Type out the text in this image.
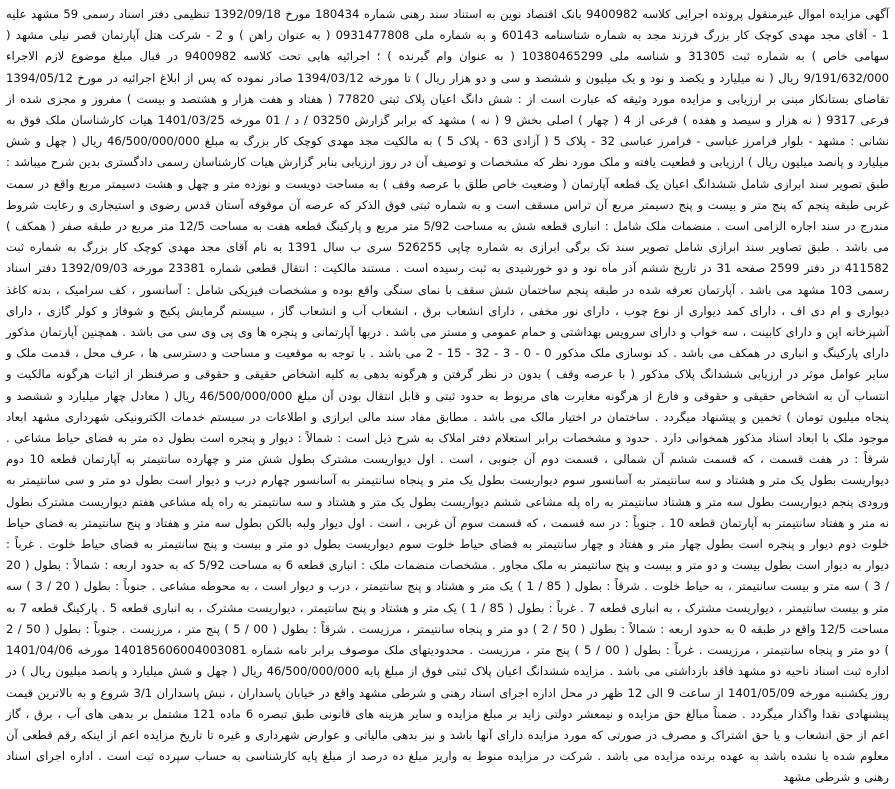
آگهی مزایده اموال غیرمنقول پرونده اجرایی کلاسه 9400982 بانک اقتصاد نوین به استناد سند رهنی شماره 180434 مورخ 1392/09/18 تنظیمی دفتر اسناد رسمی 59 مشهد علیه 1 - آقای مجد مهدی کوچک کار بزرگ فرزند مجد به شماره شناسنامه 60143 و به شماره ملی 0931477808 ( به عنوان راهن ) و 2 - شرکت هتل آپارتمان قصر نیلی مشهد ( سهامی خاص ) به شماره ثبت 31305 و شناسه ملی 10380465299 ( به عنوان وام گیرنده ) ؛ اجرائیه هایی تحت کلاسه 9400982 در قبال مبلغ موضوع لازم الاجراء 9/191/632/000 ریال ( نه میلیارد و یکصد و نود و یک میلیون و ششصد و سی و دو هزار ریال ) تا مورخه 1394/03/12 صادر نموده که پس از ابلاغ اجرائیه در مورخ 1394/05/12 تقاضای بستانکار مبنی بر ارزیابی و مزایده مورد وثیقه که عبارت است از : شش دانگ اعیان پلاک ثبتی 77820 ( هفتاد و هفت هزار و هشتصد و بیست ) مفروز و مجزی شده از فرعی 9317 ( نه هزار و سیصد و هفده ) فرعی از 4 ( چهار ) اصلی بخش 9 ( نه ) مشهد که برابر گزارش 03250 / د / 01 مورخه 1401/03/25 هیات کارشناسان ملک فوق به نشانی : مشهد - بلوار فرامرز عباسی - فرامرز عباسی 32 - پلاک 5 ( آزادی 63 - پلاک 5 ) به مالکیت مجد مهدی کوچک کار بزرگ به مبلغ 46/500/000/000 ریال ( چهل و شش میلیارد و پانصد میلیون ریال ) ارزیابی و قطعیت یافته و ملک مورد نظر که مشخصات و توصیف آن در روز ارزیابی بنابر گزارش هیات کارشناسان رسمی دادگستری بدین شرح میباشد : طبق تصویر سند ابرازی شامل ششدانگ اعیان یک قطعه آپارتمان ( وضعیت خاص طلق با عرصه وقف ) به مساحت دویست و نوزده متر و چهل و هشت دسیمتر مربع واقع در سمت غربی طبقه پنجم که پنج متر و بیست و پنج دسیمتر مربع آن تراس مسقف است و به شماره ثبتی فوق الذکر که عرصه آن موقوفه آستان قدس رضوی و استیجاری و رعایت شروط مندرج در سند اجاره الزامی است . منضمات ملک شامل : انباری قطعه شش به مساحت 5/92 متر مربع و پارکینگ قطعه هفت به مساحت 12/5 متر مربع در طبقه صفر ( همکف ) می باشد . طبق تصاویر سند ابرازی شامل تصویر سند تک برگی ابرازی به شماره چاپی 526255 سری ب سال 1391 به نام آقای مجد مهدی کوچک کار بزرگ به شماره ثبت 411582 در دفتر 2599 صفحه 31 در تاریخ ششم آذر ماه نود و دو خورشیدی به ثبت رسیده است . مستند مالکیت : انتقال قطعی شماره 23381 مورخه 1392/09/03 دفتر اسناد رسمی 103 مشهد می باشد . آپارتمان تعرفه شده در طبقه پنجم ساختمان شش سقف با نمای سنگی واقع بوده و مشخصات فیزیکی شامل : آسانسور ، کف سرامیک ، بدنه کاغذ دیواری و ام دی اف ، دارای کمد دیواری از نوع چوب ، دارای نور مخفی ، دارای انشعاب برق ، انشعاب آب و انشعاب گاز ، سیستم گرمایش پکیج و شوفاژ و کولر گازی ، دارای آشپزخانه اپن و دارای کابینت ، سه خواب و دارای سرویس بهداشتی و حمام عمومی و مستر می باشد . دربها آپارتمانی و پنجره ها وی پی وی سی می باشد . همچنین آپارتمان مذکور دارای پارکینگ و انباری در همکف می باشد . کد نوسازی ملک مذکور 0 - 0 - 3 - 32 - 15 - 2 می باشد . با توجه به موقعیت و مساحت و دسترسی ها ، عرف محل ، قدمت ملک و سایر عوامل موثر در ارزیابی ششدانگ پلاک مذکور ( با عرصه وقف ) بدون در نظر گرفتن و هرگونه بدهی به کلیه اشخاص حقیقی و حقوقی و صرفنظر از اثبات هرگونه مالکیت و انتساب آن به اشخاص حقیقی و حقوقی و فارغ از هرگونه مغایرت های مربوط به حدود ثبتی و قابل انتقال بودن آن مبلغ 46/500/000/000 ریال ( معادل چهار میلیارد و ششصد و پنجاه میلیون تومان ) تخمین و پیشنهاد میگردد . ساختمان در اختیار مالک می باشد . مطابق مفاد سند مالی ابرازی و اطلاعات در سیستم خدمات الکترونیکی شهرداری مشهد ابعاد موجود ملک با ابعاد اسناد مذکور همخوانی دارد . حدود و مشخصات برابر استعلام دفتر املاک به شرح ذیل است : شمالاً : دیوار و پنجره است بطول ده متر به فضای حیاط مشاعی . شرقاً : در هفت قسمت ، که قسمت ششم آن شمالی ، قسمت دوم آن جنوبی ، است . اول دیواریست مشترک بطول شش متر و چهارده سانتیمتر به آپارتمان قطعه 10 دوم دیواریست بطول یک متر و هشتاد و سه سانتیمتر به آسانسور سوم دیواریست بطول یک متر و پنجاه سانتیمتر به آسانسور چهارم درب و دیوار است بطول دو متر و سی سانتیمتر به ورودی پنجم دیواریست بطول سه متر و هشتاد سانتیمتر به راه پله مشاعی ششم دیواریست بطول یک متر و هشتاد و سه سانتیمتر به راه پله مشاعی هفتم دیواریست مشترک بطول نه متر و هفتاد سانتیمتر به آپارتمان قطعه 10 . جنوباً : در سه قسمت ، که قسمت سوم آن غربی ، است . اول دیوار ولبه بالکن بطول سه متر و هفتاد و پنج سانتیمتر به فضای حیاط خلوت دوم دیوار و پنجره است بطول چهار متر و هفتاد و چهار سانتیمتر به فضای حیاط خلوت سوم دیواریست بطول دو متر و بیست و پنج سانتیمتر به فضای حیاط خلوت . غرباً : دیوار به دیوار است بطول بیست و دو متر و بیست و پنج سانتیمتر به ملک مجاور . مشخصات منضمات ملک : انباری قطعه 6 به مساحت 5/92 که به حدود اربعه : شمالاً : بطول ( 20 / 3 ) سه متر و بیست سانتیمتر ، به حیاط خلوت . شرقاً : بطول ( 85 / 1 ) یک متر و هشتاد و پنج سانتیمتر ، درب و دیوار است ، به محوطه مشاعی . جنوباً : بطول ( 20 / 3 ) سه متر و بیست سانتیمتر ، دیواریست مشترک ، به انباری قطعه 7 . غرباً : بطول ( 85 / 1 ) یک متر و هشتاد و پنج سانتیمتر ، دیواریست مشترک ، به انباری قطعه 5 . پارکینگ قطعه 7 به مساحت 12/5 واقع در طبقه 0 به حدود اربعه : شمالاً : بطول ( 50 / 2 ) دو متر و پنجاه سانتیمتر ، مرزیست . شرقاً : بطول ( 00 / 5 ) پنج متر ، مرزیست . جنوباً : بطول ( 50 / 2 ) دو متر و پنجاه سانتیمتر ، مرزیست . غرباً : بطول ( 00 / 5 ) پنج متر ، مرزیست . محدودیتهای ملک موصوف برابر نامه شماره 140185606004003081 مورخه 1401/04/06 اداره ثبت اسناد ناحیه دو مشهد فاقد بازداشتی می باشد . مزایده ششدانگ اعیان پلاک ثبتی فوق از مبلغ پایه 46/500/000/000 ریال ( چهل و شش میلیارد و پانصد میلیون ریال ) در روز یکشنبه مورخه 1401/05/09 از ساعت 9 الی 12 ظهر در محل اداره اجرای اسناد رهنی و شرطی مشهد واقع در خیابان پاسداران ، نبش پاسداران 3/1 شروع و به بالاترین قیمت پیشنهادی نقدا واگذار میگردد . ضمناً مبالغ حق مزایده و نیمعشر دولتی زاید بر مبلغ مزایده و سایر هزینه های قانونی طبق تبصره 6 ماده 121 مشتمل بر بدهی های آب ، برق ، گاز اعم از حق انشعاب و یا حق اشتراک و مصرف در صورتی که مورد مزایده دارای آنها باشد و نیز بدهی مالیاتی و عوارض شهرداری و غیره تا تاریخ مزایده اعم از اینکه رقم قطعی آن معلوم شده یا نشده باشد به عهده برنده مزایده می باشد . شرکت در مزایده منوط به واریز مبلغ ده درصد از مبلغ پایه کارشناسی به حساب سپرده ثبت است . اداره اجرای اسناد رهنی و شرطی مشهد
